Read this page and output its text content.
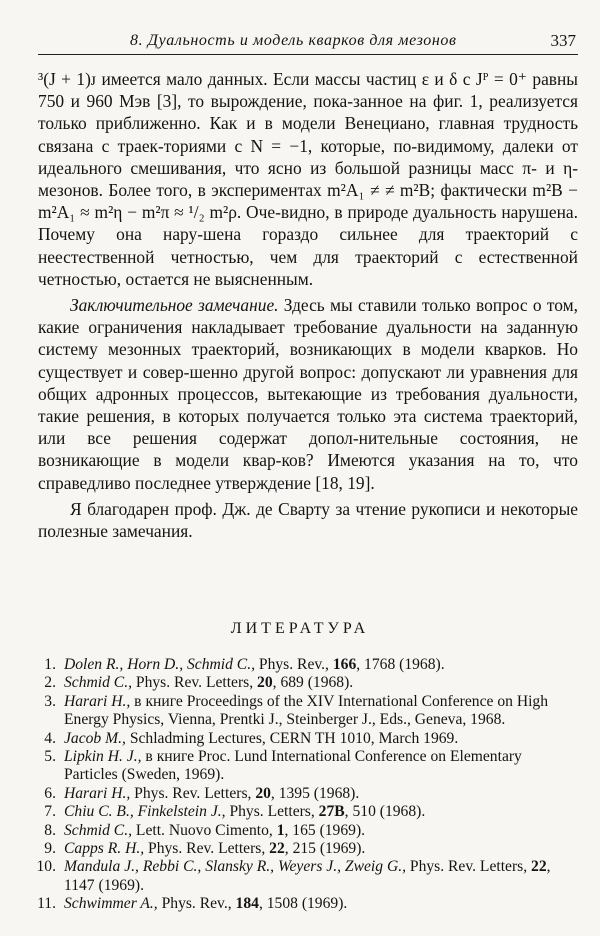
8. Дуальность и модель кварков для мезонов	337

³(J + 1)ᴊ имеется мало данных. Если массы частиц ε и δ с Jᴾ = 0⁺ равны 750 и 960 Мэв [3], то вырождение, пока-занное на фиг. 1, реализуется только приближенно. Как и в модели Венециано, главная трудность связана с траек-ториями с N = −1, которые, по-видимому, далеки от идеального смешивания, что ясно из большой разницы масс π- и η-мезонов. Более того, в экспериментах m²A₁ ≠ ≠ m²B; фактически m²B − m²A₁ ≈ m²η − m²π ≈ ¹/₂ m²ρ. Оче-видно, в природе дуальность нарушена. Почему она нару-шена гораздо сильнее для траекторий с неестественной четностью, чем для траекторий с естественной четностью, остается не выясненным.

Заключительное замечание. Здесь мы ставили только вопрос о том, какие ограничения накладывает требование дуальности на заданную систему мезонных траекторий, возникающих в модели кварков. Но существует и совер-шенно другой вопрос: допускают ли уравнения для общих адронных процессов, вытекающие из требования дуальности, такие решения, в которых получается только эта система траекторий, или все решения содержат допол-нительные состояния, не возникающие в модели квар-ков? Имеются указания на то, что справедливо последнее утверждение [18, 19].

Я благодарен проф. Дж. де Сварту за чтение рукописи и некоторые полезные замечания.

ЛИТЕРАТУРА

1. Dolen R., Horn D., Schmid C., Phys. Rev., 166, 1768 (1968).

2. Schmid C., Phys. Rev. Letters, 20, 689 (1968).

3. Harari H., в книге Proceedings of the XIV International Conference on High Energy Physics, Vienna, Prentki J., Steinberger J., Eds., Geneva, 1968.

4. Jacob M., Schladming Lectures, CERN TH 1010, March 1969.

5. Lipkin H. J., в книге Proc. Lund International Conference on Elementary Particles (Sweden, 1969).

6. Harari H., Phys. Rev. Letters, 20, 1395 (1968).

7. Chiu C. B., Finkelstein J., Phys. Letters, 27B, 510 (1968).

8. Schmid C., Lett. Nuovo Cimento, 1, 165 (1969).

9. Capps R. H., Phys. Rev. Letters, 22, 215 (1969).

10. Mandula J., Rebbi C., Slansky R., Weyers J., Zweig G., Phys. Rev. Letters, 22, 1147 (1969).

11. Schwimmer A., Phys. Rev., 184, 1508 (1969).
